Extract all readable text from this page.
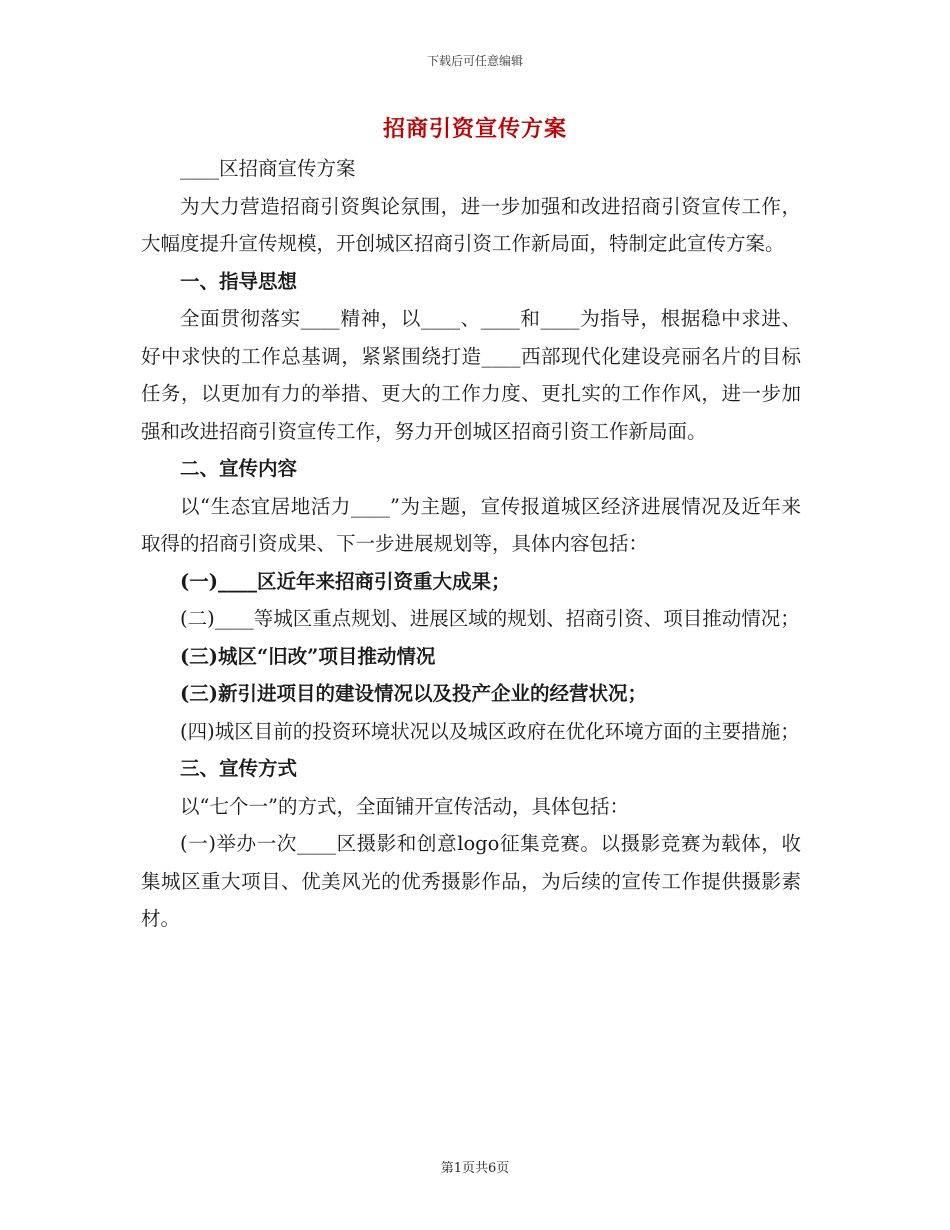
下载后可任意编辑
招商引资宣传方案

____区招商宣传方案

为大力营造招商引资舆论氛围，进一步加强和改进招商引资宣传工作，大幅度提升宣传规模，开创城区招商引资工作新局面，特制定此宣传方案。

一、指导思想

全面贯彻落实____精神，以____、____和____为指导，根据稳中求进、好中求快的工作总基调，紧紧围绕打造____西部现代化建设亮丽名片的目标任务，以更加有力的举措、更大的工作力度、更扎实的工作作风，进一步加强和改进招商引资宣传工作，努力开创城区招商引资工作新局面。

二、宣传内容

以“生态宜居地活力____”为主题，宣传报道城区经济进展情况及近年来取得的招商引资成果、下一步进展规划等，具体内容包括：

(一)____区近年来招商引资重大成果；

(二)____等城区重点规划、进展区域的规划、招商引资、项目推动情况；

(三)城区“旧改”项目推动情况

(三)新引进项目的建设情况以及投产企业的经营状况；

(四)城区目前的投资环境状况以及城区政府在优化环境方面的主要措施；

三、宣传方式

以“七个一”的方式，全面铺开宣传活动，具体包括：

(一)举办一次____区摄影和创意logo征集竞赛。以摄影竞赛为载体，收集城区重大项目、优美风光的优秀摄影作品，为后续的宣传工作提供摄影素材。

第1页共6页
